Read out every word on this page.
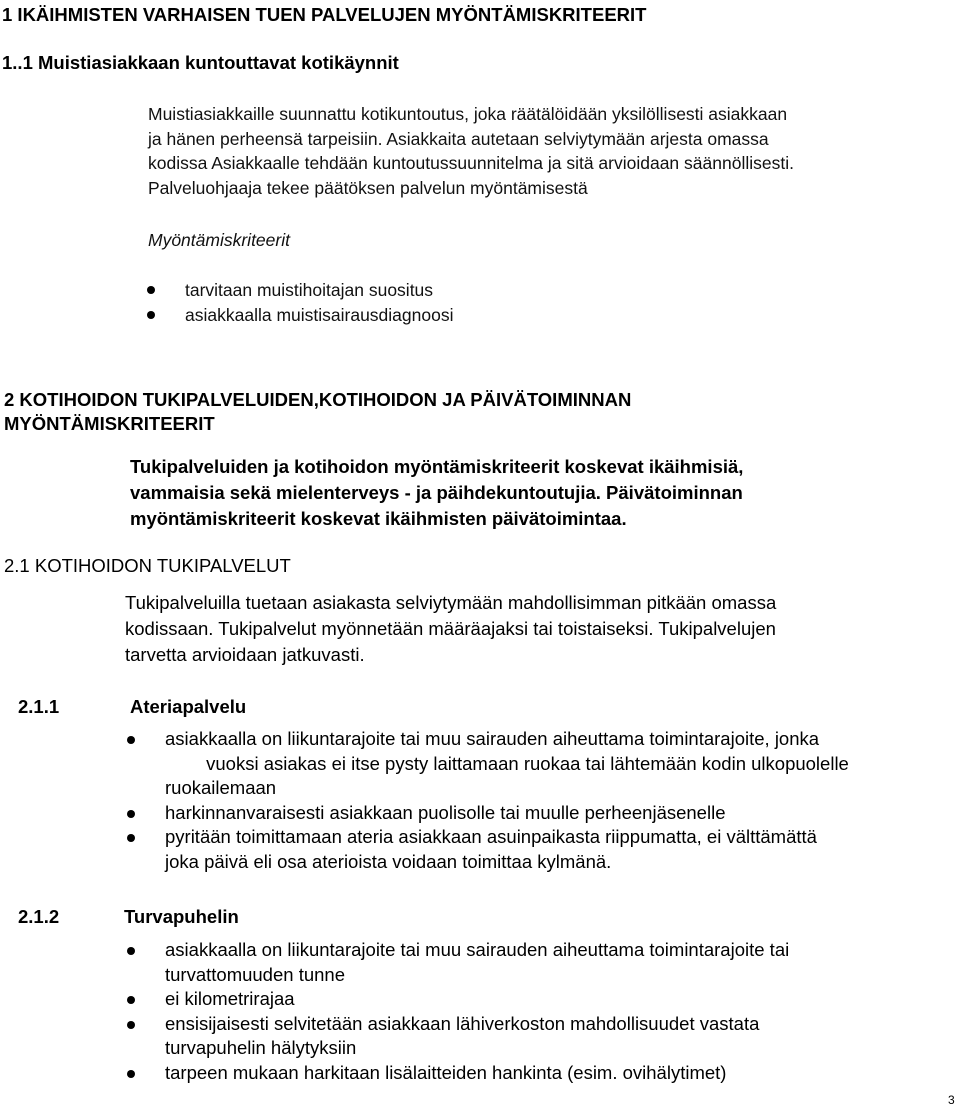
1 IKÄIHMISTEN VARHAISEN TUEN PALVELUJEN MYÖNTÄMISKRITEERIT
1..1 Muistiasiakkaan kuntouttavat kotikäynnit
Muistiasiakkaille suunnattu kotikuntoutus, joka räätälöidään yksilöllisesti asiakkaan
ja hänen perheensä tarpeisiin. Asiakkaita autetaan selviytymään arjesta omassa
kodissa Asiakkaalle tehdään kuntoutussuunnitelma ja sitä arvioidaan säännöllisesti.
Palveluohjaaja tekee päätöksen palvelun myöntämisestä
Myöntämiskriteerit
tarvitaan muistihoitajan suositus
asiakkaalla muistisairausdiagnoosi
2 KOTIHOIDON TUKIPALVELUIDEN,KOTIHOIDON JA PÄIVÄTOIMINNAN
MYÖNTÄMISKRITEERIT
Tukipalveluiden ja kotihoidon myöntämiskriteerit koskevat ikäihmisiä,
vammaisia sekä mielenterveys - ja päihdekuntoutujia. Päivätoiminnan
myöntämiskriteerit koskevat ikäihmisten päivätoimintaa.
2.1 KOTIHOIDON TUKIPALVELUT
Tukipalveluilla tuetaan asiakasta selviytymään mahdollisimman pitkään omassa
kodissaan. Tukipalvelut myönnetään määräajaksi tai toistaiseksi. Tukipalvelujen
tarvetta arvioidaan jatkuvasti.
2.1.1	Ateriapalvelu
asiakkaalla on liikuntarajoite tai muu sairauden aiheuttama toimintarajoite, jonka
vuoksi asiakas ei itse pysty laittamaan ruokaa tai lähtemään kodin ulkopuolelle
ruokailemaan
harkinnanvaraisesti asiakkaan puolisolle tai muulle perheenjäsenelle
pyritään toimittamaan ateria asiakkaan asuinpaikasta riippumatta, ei välttämättä
joka päivä eli osa aterioista voidaan toimittaa kylmänä.
2.1.2	Turvapuhelin
asiakkaalla on liikuntarajoite tai muu sairauden aiheuttama toimintarajoite tai
turvattomuuden tunne
ei kilometrirajaa
ensisijaisesti selvitetään asiakkaan lähiverkoston mahdollisuudet vastata
turvapuhelin hälytyksiin
tarpeen mukaan harkitaan lisälaitteiden hankinta (esim. ovihälytimet)
3
